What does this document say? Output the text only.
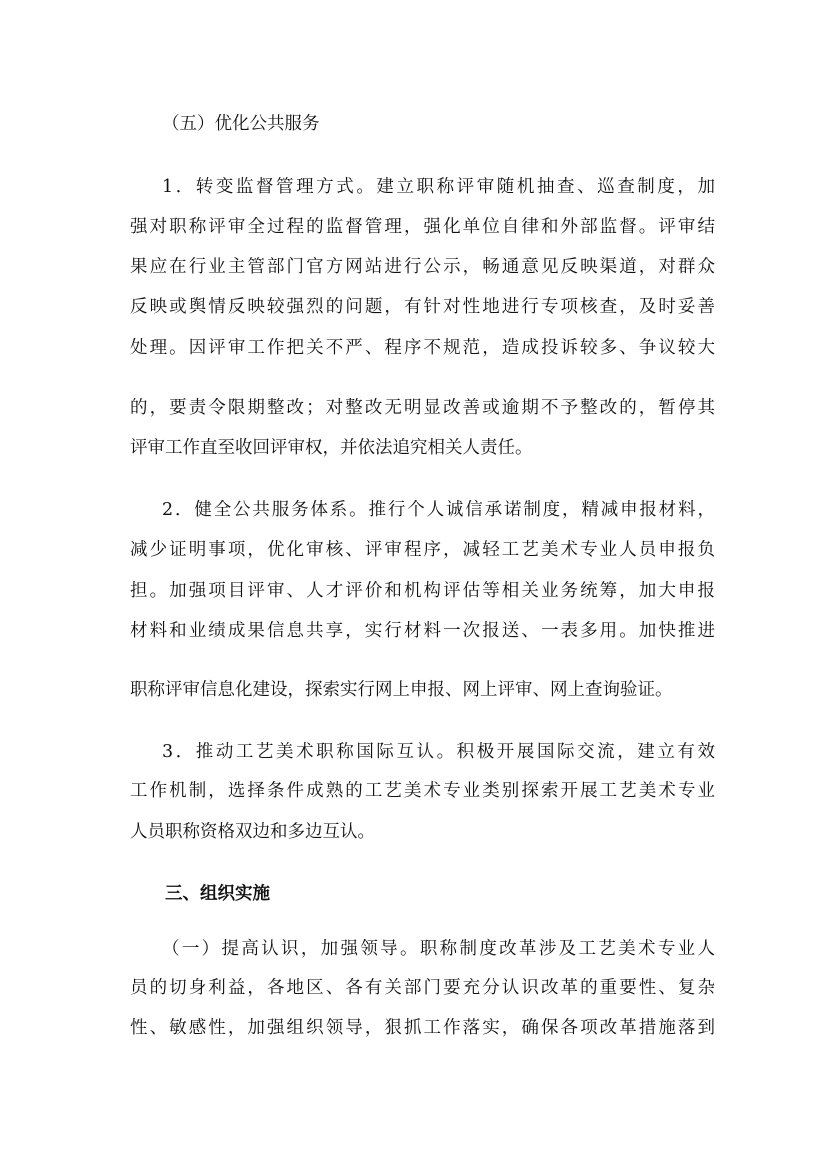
（五）优化公共服务
1．转变监督管理方式。建立职称评审随机抽查、巡查制度，加
强对职称评审全过程的监督管理，强化单位自律和外部监督。评审结
果应在行业主管部门官方网站进行公示，畅通意见反映渠道，对群众
反映或舆情反映较强烈的问题，有针对性地进行专项核查，及时妥善
处理。因评审工作把关不严、程序不规范，造成投诉较多、争议较大
的，要责令限期整改；对整改无明显改善或逾期不予整改的，暂停其
评审工作直至收回评审权，并依法追究相关人责任。
2．健全公共服务体系。推行个人诚信承诺制度，精减申报材料，
减少证明事项，优化审核、评审程序，减轻工艺美术专业人员申报负
担。加强项目评审、人才评价和机构评估等相关业务统筹，加大申报
材料和业绩成果信息共享，实行材料一次报送、一表多用。加快推进
职称评审信息化建设，探索实行网上申报、网上评审、网上查询验证。
3．推动工艺美术职称国际互认。积极开展国际交流，建立有效
工作机制，选择条件成熟的工艺美术专业类别探索开展工艺美术专业
人员职称资格双边和多边互认。
三、组织实施
（一）提高认识，加强领导。职称制度改革涉及工艺美术专业人
员的切身利益，各地区、各有关部门要充分认识改革的重要性、复杂
性、敏感性，加强组织领导，狠抓工作落实，确保各项改革措施落到
